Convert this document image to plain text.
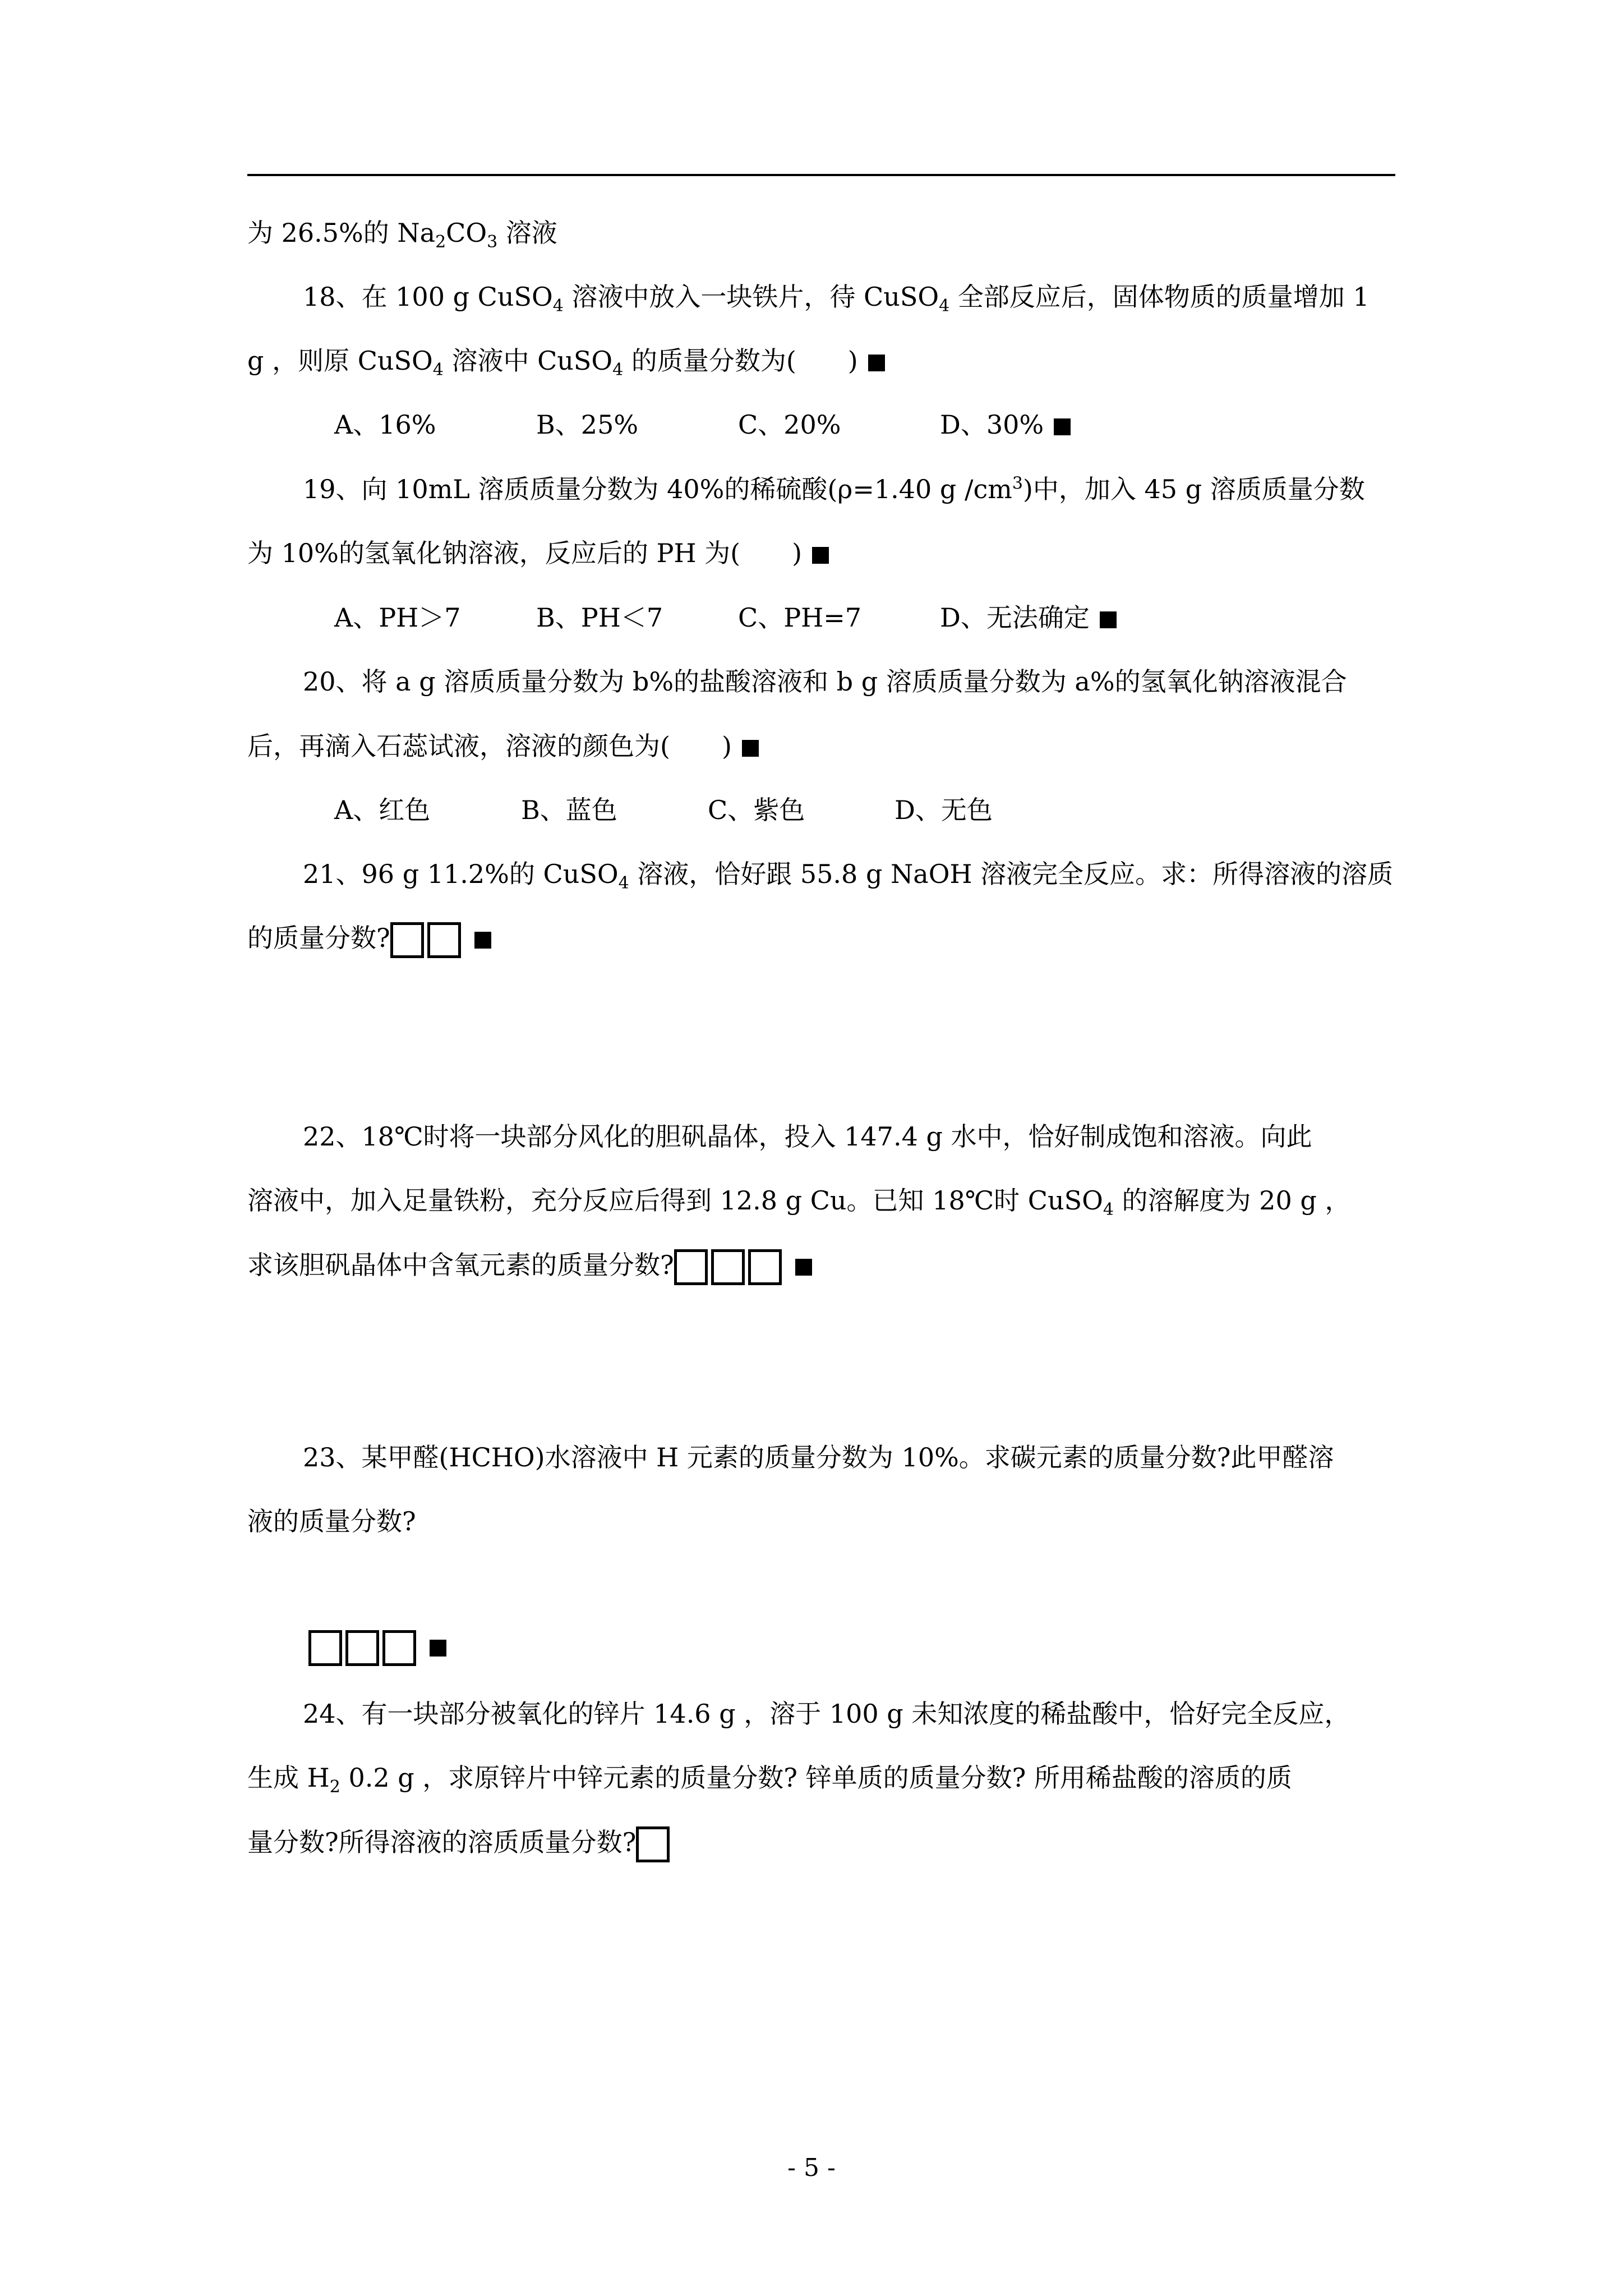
为 26.5%的 $Na_2CO_3$ 溶液
18、在 100 g CuSO$_4$ 溶液中放入一块铁片，待 CuSO$_4$ 全部反应后，固体物质的质量增加 1
g ，则原 CuSO$_4$ 溶液中 CuSO$_4$ 的质量分数为(　　)
A、16%	B、25%	C、20%	D、30%
19、向 10mL 溶质质量分数为 40%的稀硫酸(ρ=1.40 g $/cm^3$)中，加入 45 g 溶质质量分数
为 10%的氢氧化钠溶液，反应后的 PH 为(　　)
A、PH＞7	B、PH＜7	C、PH=7	D、无法确定
20、将 a g 溶质质量分数为 b%的盐酸溶液和 b g 溶质质量分数为 a%的氢氧化钠溶液混合
后，再滴入石蕊试液，溶液的颜色为(　　)
A、红色	B、蓝色	C、紫色	D、无色
21、96 g 11.2%的 CuSO$_4$ 溶液，恰好跟 55.8 g NaOH 溶液完全反应。求：所得溶液的溶质
的质量分数?
22、18℃时将一块部分风化的胆矾晶体，投入 147.4 g 水中，恰好制成饱和溶液。向此
溶液中，加入足量铁粉，充分反应后得到 12.8 g Cu。已知 18℃时 CuSO$_4$ 的溶解度为 20 g ，
求该胆矾晶体中含氧元素的质量分数?
23、某甲醛(HCHO)水溶液中 H 元素的质量分数为 10%。求碳元素的质量分数?此甲醛溶
液的质量分数?
24、有一块部分被氧化的锌片 14.6 g ，溶于 100 g 未知浓度的稀盐酸中，恰好完全反应，
生成 $H_2$ 0.2 g ，求原锌片中锌元素的质量分数? 锌单质的质量分数? 所用稀盐酸的溶质的质
量分数?所得溶液的溶质质量分数?
- 5 -
